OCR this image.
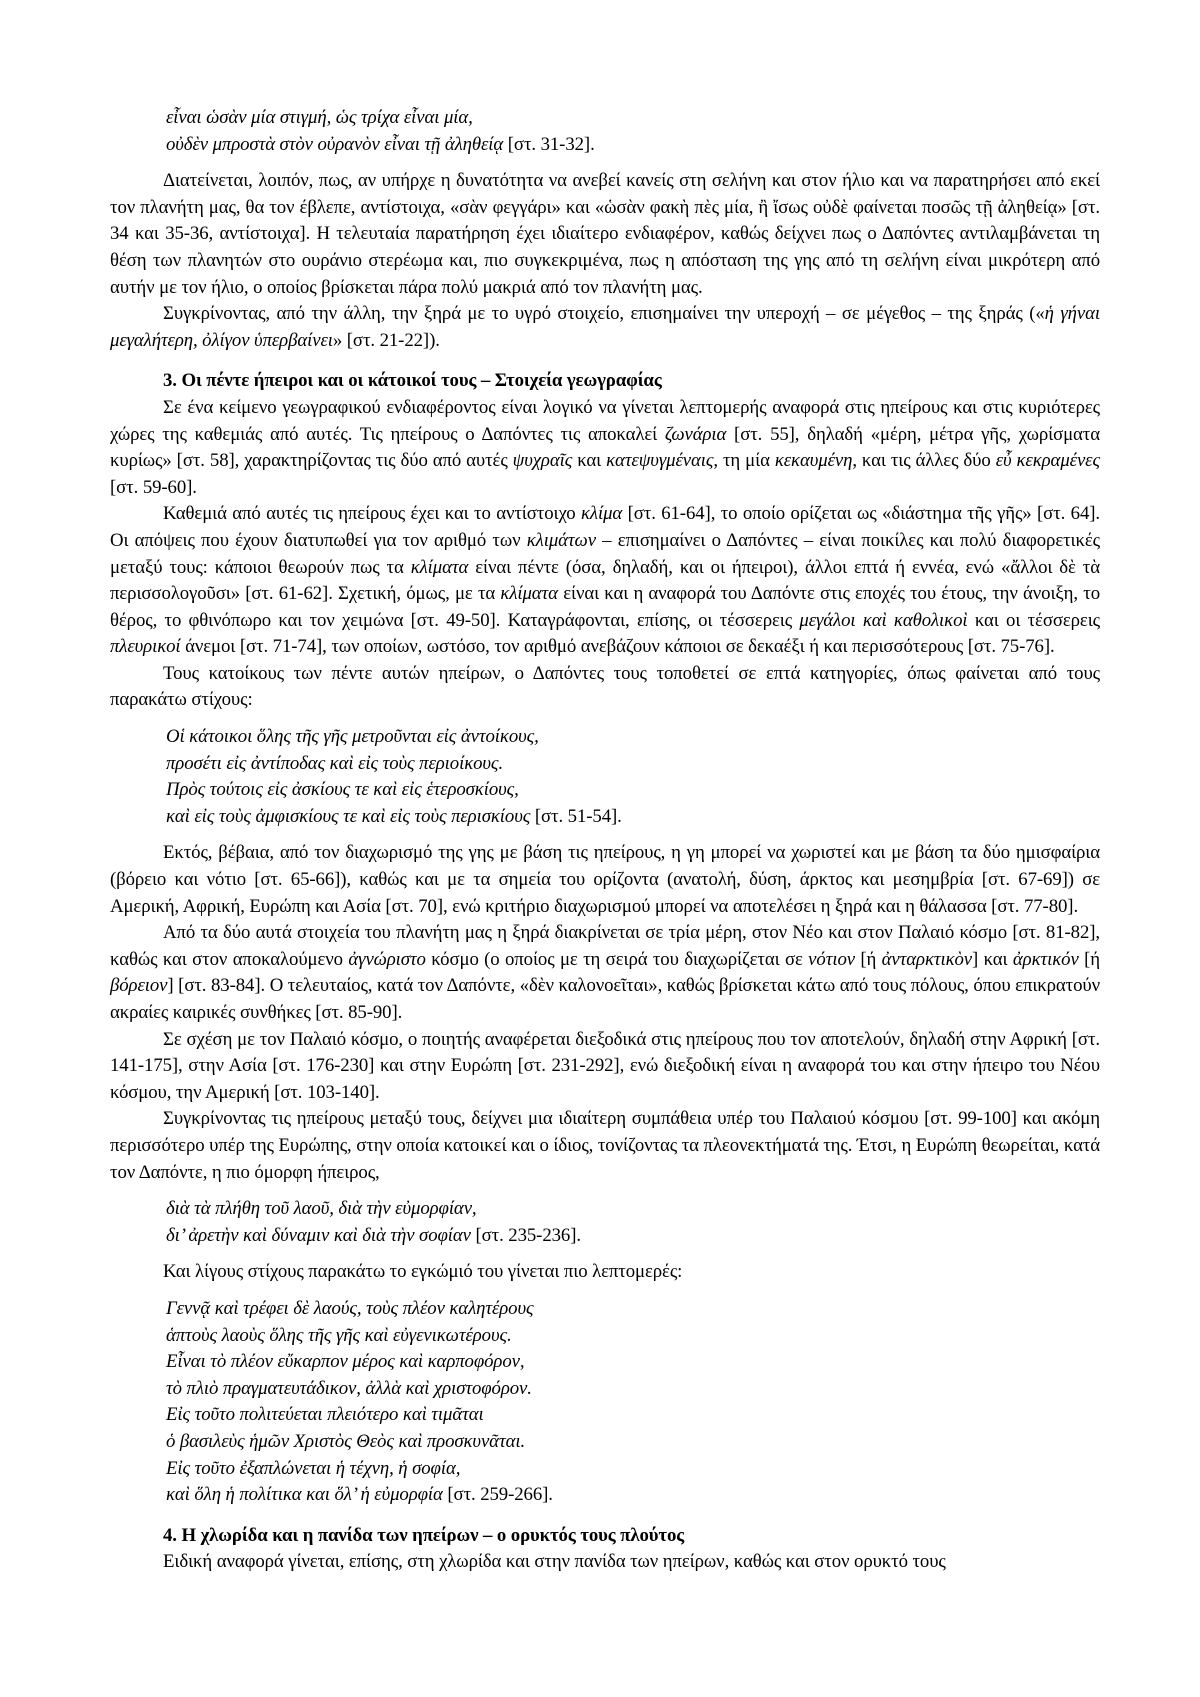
εἶναι ὡσὰν μία στιγμή, ὡς τρίχα εἶναι μία,
οὐδὲν μπροστὰ στὸν οὐρανὸν εἶναι τῇ ἀληθείᾳ [στ. 31-32].
Διατείνεται, λοιπόν, πως, αν υπήρχε η δυνατότητα να ανεβεί κανείς στη σελήνη και στον ήλιο και να παρατηρήσει από εκεί τον πλανήτη μας, θα τον έβλεπε, αντίστοιχα, «σὰν φεγγάρι» και «ὡσὰν φακὴ πὲς μία, ἢ ἴσως οὐδὲ φαίνεται ποσῶς τῇ ἀληθείᾳ» [στ. 34 και 35-36, αντίστοιχα]. Η τελευταία παρατήρηση έχει ιδιαίτερο ενδιαφέρον, καθώς δείχνει πως ο Δαπόντες αντιλαμβάνεται τη θέση των πλανητών στο ουράνιο στερέωμα και, πιο συγκεκριμένα, πως η απόσταση της γης από τη σελήνη είναι μικρότερη από αυτήν με τον ήλιο, ο οποίος βρίσκεται πάρα πολύ μακριά από τον πλανήτη μας.
Συγκρίνοντας, από την άλλη, την ξηρά με το υγρό στοιχείο, επισημαίνει την υπεροχή – σε μέγεθος – της ξηράς («ἡ γήναι μεγαλήτερη, ὀλίγον ὑπερβαίνει» [στ. 21-22]).
3. Οι πέντε ήπειροι και οι κάτοικοί τους – Στοιχεία γεωγραφίας
Σε ένα κείμενο γεωγραφικού ενδιαφέροντος είναι λογικό να γίνεται λεπτομερής αναφορά στις ηπείρους και στις κυριότερες χώρες της καθεμιάς από αυτές. Τις ηπείρους ο Δαπόντες τις αποκαλεί ζωνάρια [στ. 55], δηλαδή «μέρη, μέτρα γῆς, χωρίσματα κυρίως» [στ. 58], χαρακτηρίζοντας τις δύο από αυτές ψυχραῖς και κατεψυγμέναις, τη μία κεκαυμένη, και τις άλλες δύο εὖ κεκραμένες [στ. 59-60].
Καθεμιά από αυτές τις ηπείρους έχει και το αντίστοιχο κλίμα [στ. 61-64], το οποίο ορίζεται ως «διάστημα τῆς γῆς» [στ. 64]. Οι απόψεις που έχουν διατυπωθεί για τον αριθμό των κλιμάτων – επισημαίνει ο Δαπόντες – είναι ποικίλες και πολύ διαφορετικές μεταξύ τους: κάποιοι θεωρούν πως τα κλίματα είναι πέντε (όσα, δηλαδή, και οι ήπειροι), άλλοι επτά ή εννέα, ενώ «ἄλλοι δὲ τὰ περισσολογοῦσι» [στ. 61-62]. Σχετική, όμως, με τα κλίματα είναι και η αναφορά του Δαπόντε στις εποχές του έτους, την άνοιξη, το θέρος, το φθινόπωρο και τον χειμώνα [στ. 49-50]. Καταγράφονται, επίσης, οι τέσσερεις μεγάλοι καὶ καθολικοὶ και οι τέσσερεις πλευρικοί άνεμοι [στ. 71-74], των οποίων, ωστόσο, τον αριθμό ανεβάζουν κάποιοι σε δεκαέξι ή και περισσότερους [στ. 75-76].
Τους κατοίκους των πέντε αυτών ηπείρων, ο Δαπόντες τους τοποθετεί σε επτά κατηγορίες, όπως φαίνεται από τους παρακάτω στίχους:
Οἱ κάτοικοι ὅλης τῆς γῆς μετροῦνται εἰς ἀντοίκους,
προσέτι εἰς ἀντίποδας καὶ εἰς τοὺς περιοίκους.
Πρὸς τούτοις εἰς ἀσκίους τε καὶ εἰς ἑτεροσκίους,
καὶ εἰς τοὺς ἀμφισκίους τε καὶ εἰς τοὺς περισκίους [στ. 51-54].
Εκτός, βέβαια, από τον διαχωρισμό της γης με βάση τις ηπείρους, η γη μπορεί να χωριστεί και με βάση τα δύο ημισφαίρια (βόρειο και νότιο [στ. 65-66]), καθώς και με τα σημεία του ορίζοντα (ανατολή, δύση, άρκτος και μεσημβρία [στ. 67-69]) σε Αμερική, Αφρική, Ευρώπη και Ασία [στ. 70], ενώ κριτήριο διαχωρισμού μπορεί να αποτελέσει η ξηρά και η θάλασσα [στ. 77-80].
Από τα δύο αυτά στοιχεία του πλανήτη μας η ξηρά διακρίνεται σε τρία μέρη, στον Νέο και στον Παλαιό κόσμο [στ. 81-82], καθώς και στον αποκαλούμενο ἀγνώριστο κόσμο (ο οποίος με τη σειρά του διαχωρίζεται σε νότιον [ή ἀνταρκτικὸν] και ἀρκτικόν [ή βόρειον] [στ. 83-84]. Ο τελευταίος, κατά τον Δαπόντε, «δὲν καλονοεῖται», καθώς βρίσκεται κάτω από τους πόλους, όπου επικρατούν ακραίες καιρικές συνθήκες [στ. 85-90].
Σε σχέση με τον Παλαιό κόσμο, ο ποιητής αναφέρεται διεξοδικά στις ηπείρους που τον αποτελούν, δηλαδή στην Αφρική [στ. 141-175], στην Ασία [στ. 176-230] και στην Ευρώπη [στ. 231-292], ενώ διεξοδική είναι η αναφορά του και στην ήπειρο του Νέου κόσμου, την Αμερική [στ. 103-140].
Συγκρίνοντας τις ηπείρους μεταξύ τους, δείχνει μια ιδιαίτερη συμπάθεια υπέρ του Παλαιού κόσμου [στ. 99-100] και ακόμη περισσότερο υπέρ της Ευρώπης, στην οποία κατοικεί και ο ίδιος, τονίζοντας τα πλεονεκτήματά της. Έτσι, η Ευρώπη θεωρείται, κατά τον Δαπόντε, η πιο όμορφη ήπειρος,
διὰ τὰ πλήθη τοῦ λαοῦ, διὰ τὴν εὐμορφίαν,
δι’ ἀρετὴν καὶ δύναμιν καὶ διὰ τὴν σοφίαν [στ. 235-236].
Και λίγους στίχους παρακάτω το εγκώμιό του γίνεται πιο λεπτομερές:
Γεννᾷ καὶ τρέφει δὲ λαούς, τοὺς πλέον καλητέρους
ἁπτοὺς λαοὺς ὅλης τῆς γῆς καὶ εὐγενικωτέρους.
Εἶναι τὸ πλέον εὔκαρπον μέρος καὶ καρποφόρον,
τὸ πλιὸ πραγματευτάδικον, ἀλλὰ καὶ χριστοφόρον.
Εἰς τοῦτο πολιτεύεται πλειότερο καὶ τιμᾶται
ὁ βασιλεὺς ἡμῶν Χριστὸς Θεὸς καὶ προσκυνᾶται.
Εἰς τοῦτο ἐξαπλώνεται ἡ τέχνη, ἡ σοφία,
καὶ ὅλη ἡ πολίτικα και ὅλ’ ἡ εὐμορφία [στ. 259-266].
4. Η χλωρίδα και η πανίδα των ηπείρων – ο ορυκτός τους πλούτος
Ειδική αναφορά γίνεται, επίσης, στη χλωρίδα και στην πανίδα των ηπείρων, καθώς και στον ορυκτό τους
